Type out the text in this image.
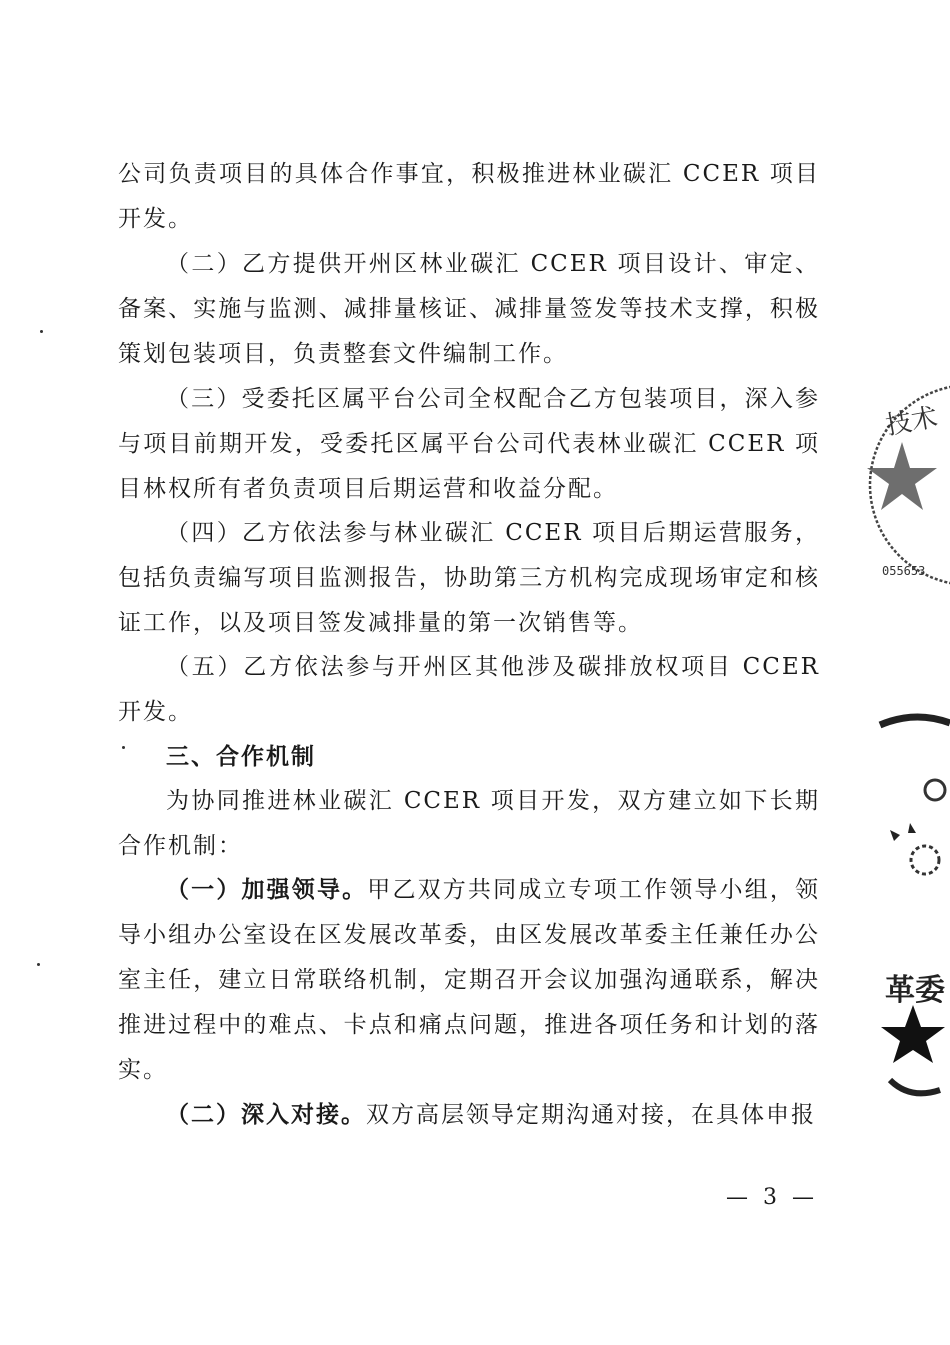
公司负责项目的具体合作事宜，积极推进林业碳汇 CCER 项目开发。

（二）乙方提供开州区林业碳汇 CCER 项目设计、审定、备案、实施与监测、减排量核证、减排量签发等技术支撑，积极策划包装项目，负责整套文件编制工作。

（三）受委托区属平台公司全权配合乙方包装项目，深入参与项目前期开发，受委托区属平台公司代表林业碳汇 CCER 项目林权所有者负责项目后期运营和收益分配。

（四）乙方依法参与林业碳汇 CCER 项目后期运营服务，包括负责编写项目监测报告，协助第三方机构完成现场审定和核证工作，以及项目签发减排量的第一次销售等。

（五）乙方依法参与开州区其他涉及碳排放权项目 CCER 开发。

三、合作机制

为协同推进林业碳汇 CCER 项目开发，双方建立如下长期合作机制：

（一）加强领导。甲乙双方共同成立专项工作领导小组，领导小组办公室设在区发展改革委，由区发展改革委主任兼任办公室主任，建立日常联络机制，定期召开会议加强沟通联系，解决推进过程中的难点、卡点和痛点问题，推进各项任务和计划的落实。

（二）深入对接。双方高层领导定期沟通对接，在具体申报

— 3 —
技术
055653
革委
